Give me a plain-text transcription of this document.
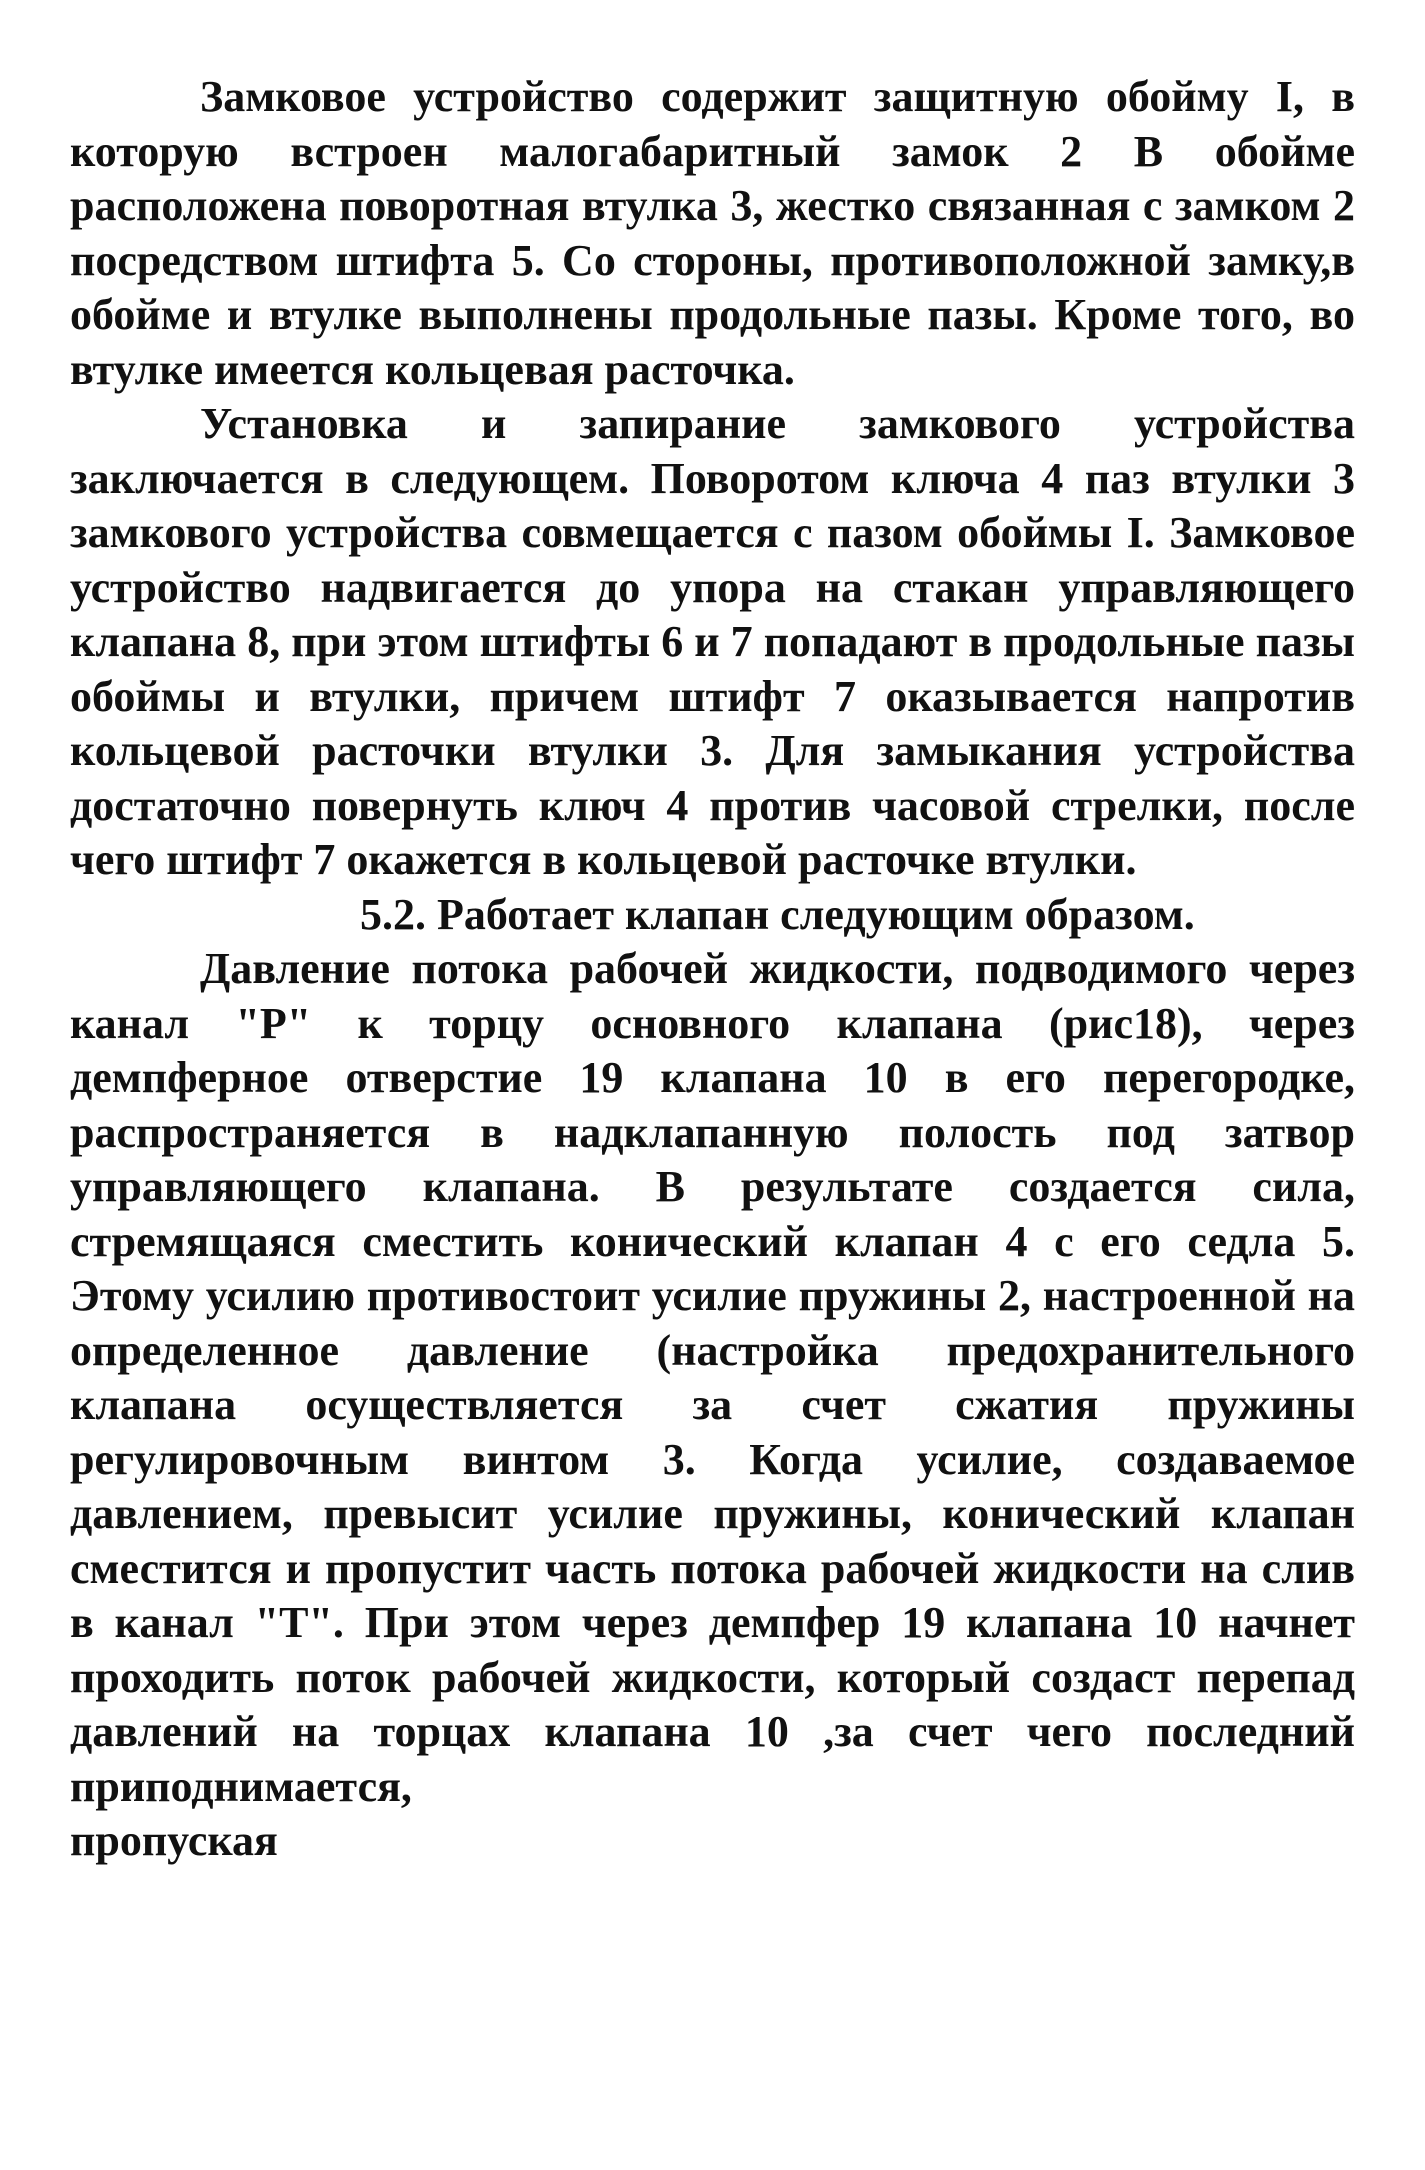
Замковое устройство содержит защитную обойму I, в которую встроен малогабаритный замок 2 В обойме расположена поворотная втулка 3, жестко связанная с замком 2 посредством штифта 5. Со стороны, противоположной замку,в обойме и втулке выполнены продольные пазы. Кроме того, во втулке имеется кольцевая расточка.

Установка и запирание замкового устройства заключается в следующем. Поворотом ключа 4 паз втулки 3 замкового устройства совмещается с пазом обоймы I. Замковое устройство надвигается до упора на стакан управляющего клапана 8, при этом штифты 6 и 7 попадают в продольные пазы обоймы и втулки, причем штифт 7 оказывается напротив кольцевой расточки втулки 3. Для замыкания устройства достаточно повернуть ключ 4 против часовой стрелки, после чего штифт 7 окажется в кольцевой расточке втулки.

5.2. Работает клапан следующим образом.

Давление потока рабочей жидкости, подводимого через канал "Р" к торцу основного клапана (рис18), через демпферное отверстие 19 клапана 10 в его перегородке, распространяется в надклапанную полость под затвор управляющего клапана. В результате создается сила, стремящаяся сместить конический клапан 4 с его седла 5. Этому усилию противостоит усилие пружины 2, настроенной на определенное давление (настройка предохранительного клапана осуществляется за счет сжатия пружины регулировочным винтом 3. Когда усилие, создаваемое давлением, превысит усилие пружины, конический клапан сместится и пропустит часть потока рабочей жидкости на слив в канал "Т". При этом через демпфер 19 клапана 10 начнет проходить поток рабочей жидкости, который создаст перепад давлений на торцах клапана 10 ,за счет чего последний приподнимается,

пропуская
